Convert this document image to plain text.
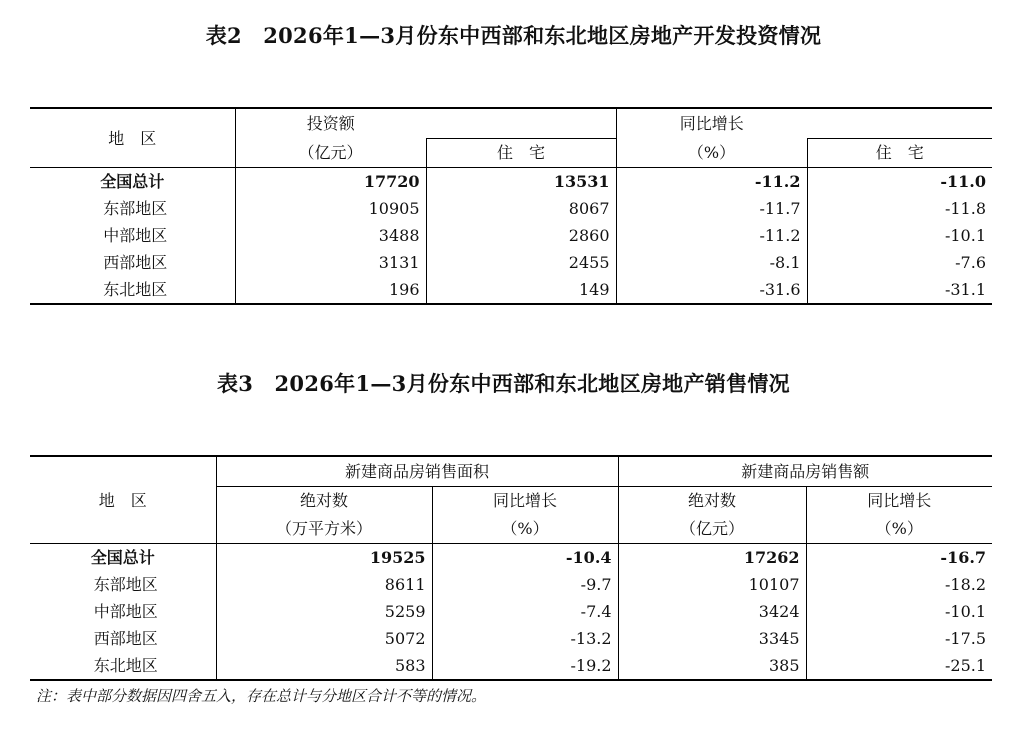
表2　2026年1—3月份东中西部和东北地区房地产开发投资情况
地　区	投资额		同比增长	
	（亿元）	住　宅	（%）	住　宅
全国总计	17720	13531	-11.2	-11.0
东部地区	10905	8067	-11.7	-11.8
中部地区	3488	2860	-11.2	-10.1
西部地区	3131	2455	-8.1	-7.6
东北地区	196	149	-31.6	-31.1
表3　2026年1—3月份东中西部和东北地区房地产销售情况
地　区	新建商品房销售面积		新建商品房销售额	
	绝对数	同比增长	绝对数	同比增长
	（万平方米）	（%）	（亿元）	（%）
全国总计	19525	-10.4	17262	-16.7
东部地区	8611	-9.7	10107	-18.2
中部地区	5259	-7.4	3424	-10.1
西部地区	5072	-13.2	3345	-17.5
东北地区	583	-19.2	385	-25.1
注：表中部分数据因四舍五入，存在总计与分地区合计不等的情况。
